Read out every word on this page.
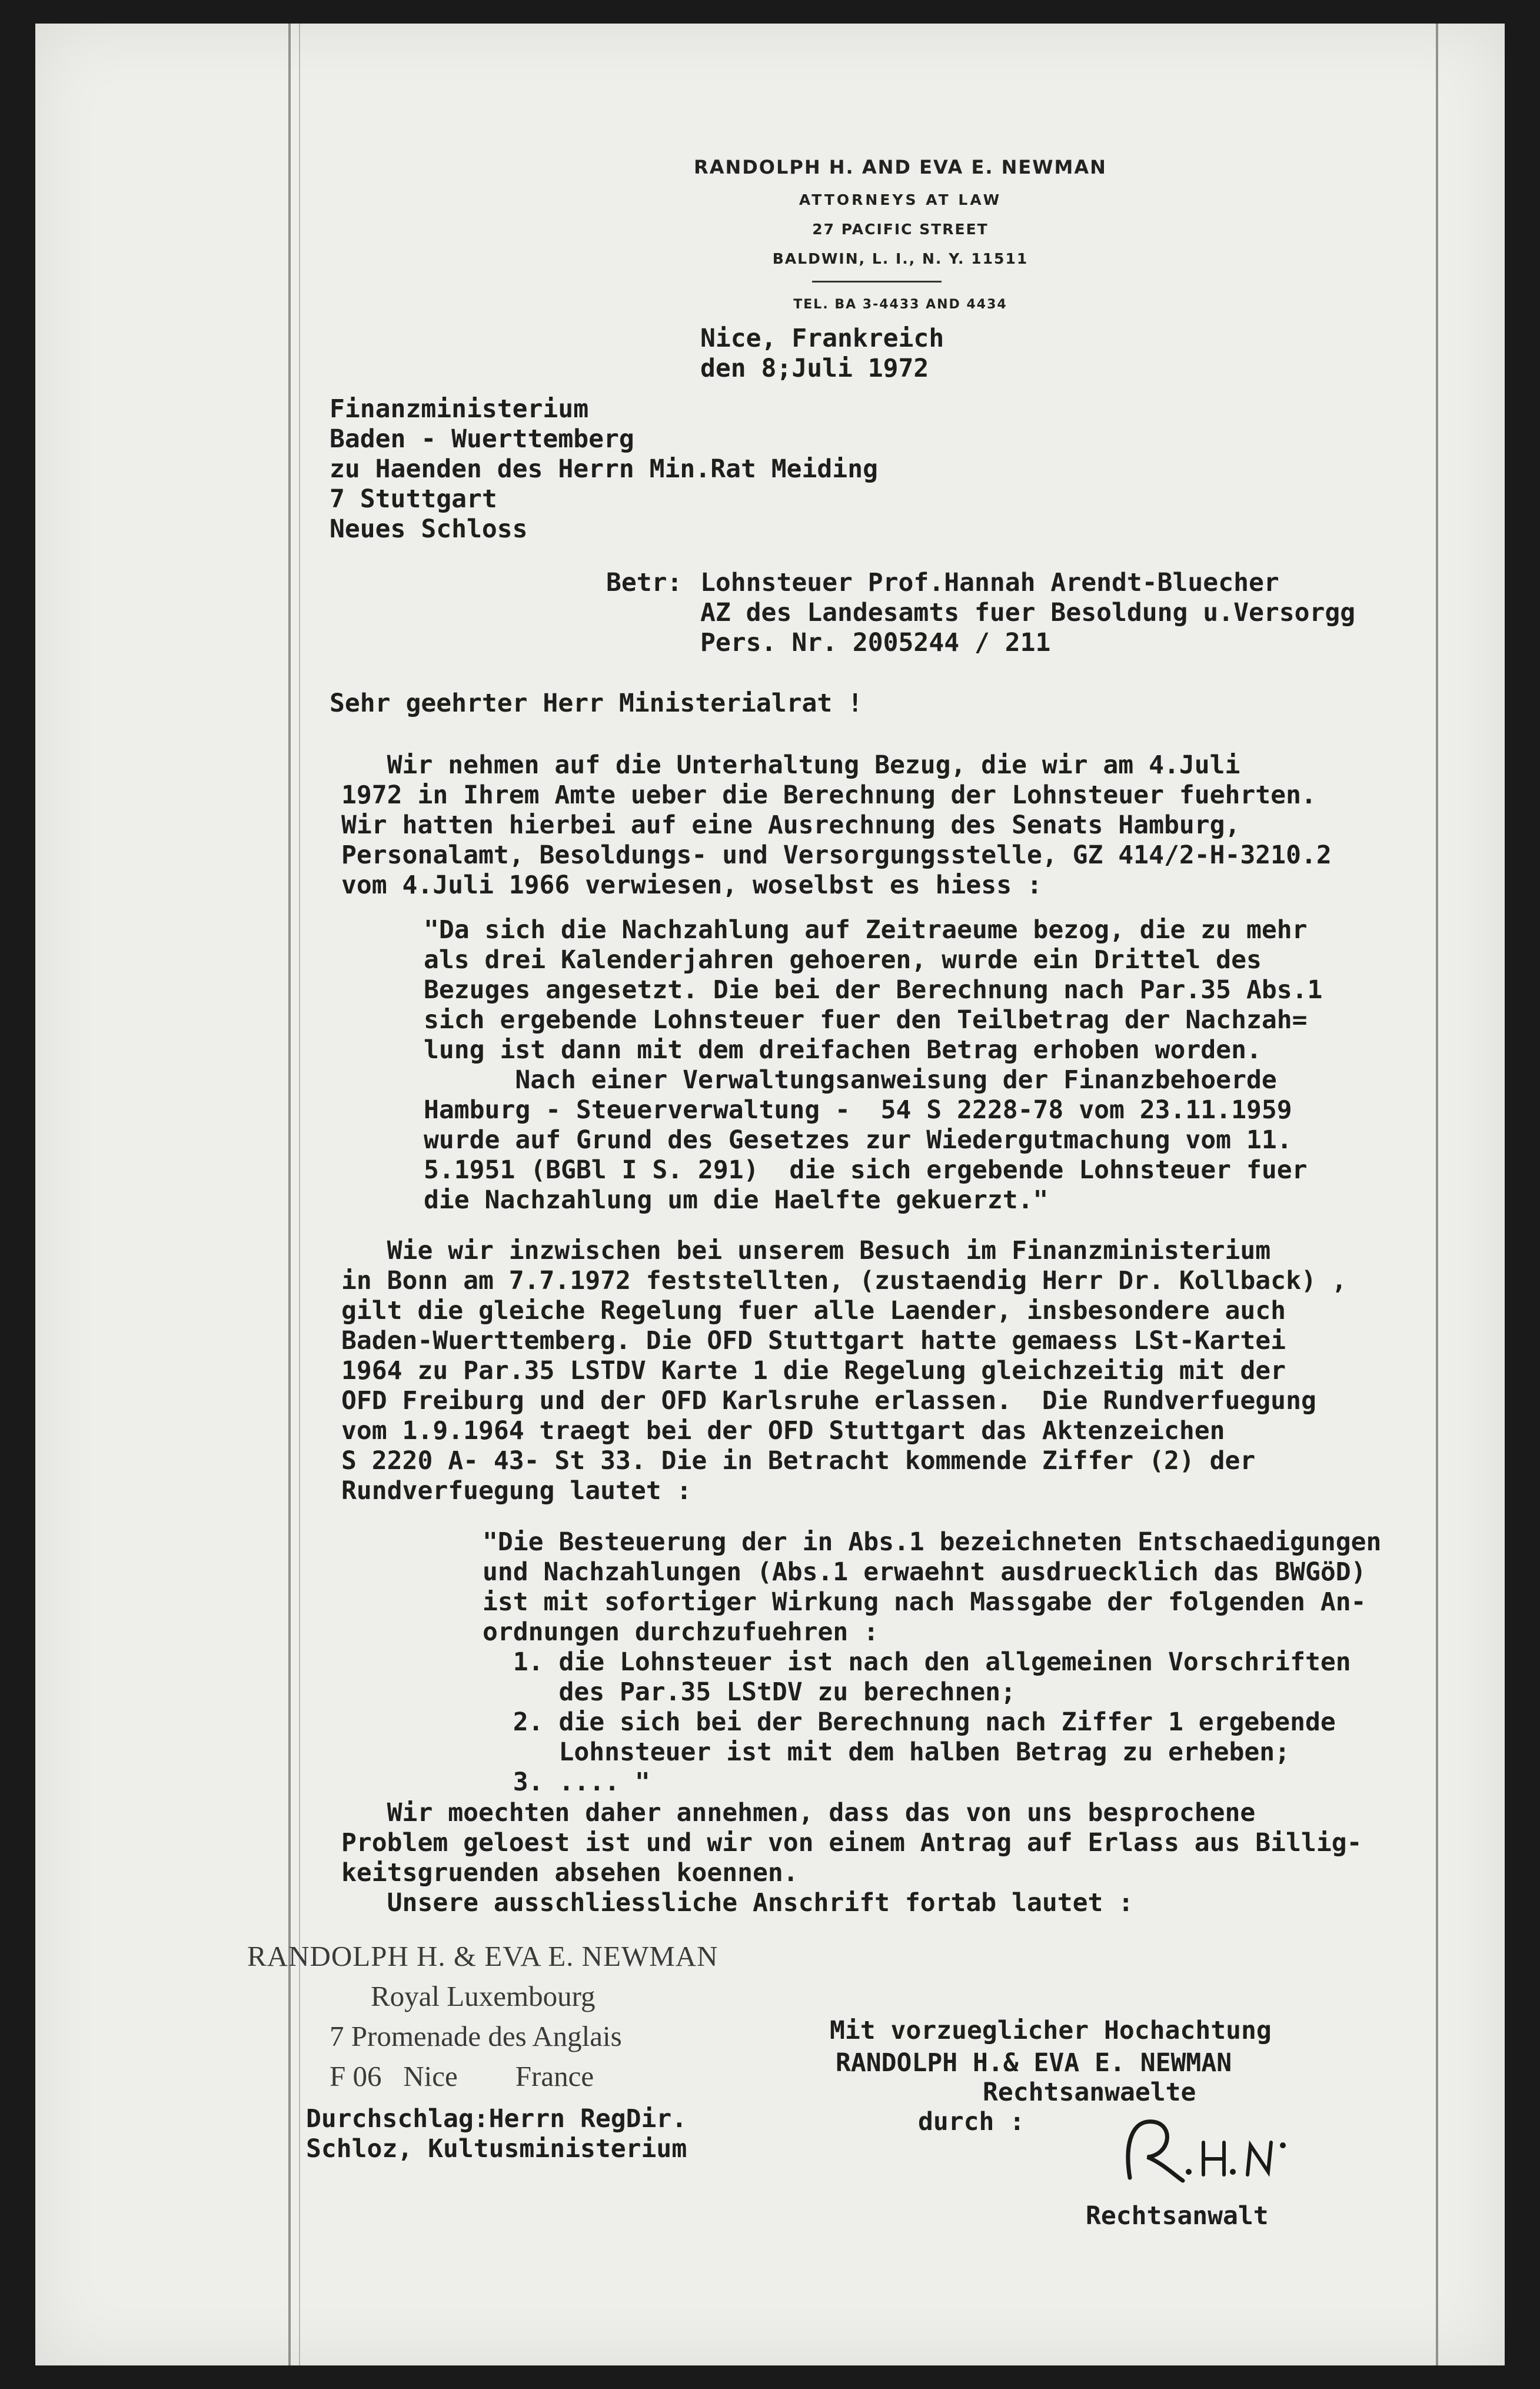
RANDOLPH H. AND EVA E. NEWMAN
ATTORNEYS AT LAW
27 PACIFIC STREET
BALDWIN, L. I., N. Y. 11511
TEL. BA 3-4433 AND 4434
Nice, Frankreich
den 8;Juli 1972
Finanzministerium
Baden - Wuerttemberg
zu Haenden des Herrn Min.Rat Meiding
7 Stuttgart
Neues Schloss
Betr: Lohnsteuer Prof.Hannah Arendt-Bluecher
AZ des Landesamts fuer Besoldung u.Versorgg
Pers. Nr. 2005244 / 211
Sehr geehrter Herr Ministerialrat !
Wir nehmen auf die Unterhaltung Bezug, die wir am 4.Juli
1972 in Ihrem Amte ueber die Berechnung der Lohnsteuer fuehrten.
Wir hatten hierbei auf eine Ausrechnung des Senats Hamburg,
Personalamt, Besoldungs- und Versorgungsstelle, GZ 414/2-H-3210.2
vom 4.Juli 1966 verwiesen, woselbst es hiess :
"Da sich die Nachzahlung auf Zeitraeume bezog, die zu mehr
als drei Kalenderjahren gehoeren, wurde ein Drittel des
Bezuges angesetzt. Die bei der Berechnung nach Par.35 Abs.1
sich ergebende Lohnsteuer fuer den Teilbetrag der Nachzah=
lung ist dann mit dem dreifachen Betrag erhoben worden.
Nach einer Verwaltungsanweisung der Finanzbehoerde
Hamburg - Steuerverwaltung -  54 S 2228-78 vom 23.11.1959
wurde auf Grund des Gesetzes zur Wiedergutmachung vom 11.
5.1951 (BGBl I S. 291)  die sich ergebende Lohnsteuer fuer
die Nachzahlung um die Haelfte gekuerzt."
Wie wir inzwischen bei unserem Besuch im Finanzministerium
in Bonn am 7.7.1972 feststellten, (zustaendig Herr Dr. Kollback) ,
gilt die gleiche Regelung fuer alle Laender, insbesondere auch
Baden-Wuerttemberg. Die OFD Stuttgart hatte gemaess LSt-Kartei
1964 zu Par.35 LSTDV Karte 1 die Regelung gleichzeitig mit der
OFD Freiburg und der OFD Karlsruhe erlassen.  Die Rundverfuegung
vom 1.9.1964 traegt bei der OFD Stuttgart das Aktenzeichen
S 2220 A- 43- St 33. Die in Betracht kommende Ziffer (2) der
Rundverfuegung lautet :
"Die Besteuerung der in Abs.1 bezeichneten Entschaedigungen
und Nachzahlungen (Abs.1 erwaehnt ausdruecklich das BWGöD)
ist mit sofortiger Wirkung nach Massgabe der folgenden An-
ordnungen durchzufuehren :
1. die Lohnsteuer ist nach den allgemeinen Vorschriften
des Par.35 LStDV zu berechnen;
2. die sich bei der Berechnung nach Ziffer 1 ergebende
Lohnsteuer ist mit dem halben Betrag zu erheben;
3. .... "
Wir moechten daher annehmen, dass das von uns besprochene
Problem geloest ist und wir von einem Antrag auf Erlass aus Billig-
keitsgruenden absehen koennen.
Unsere ausschliessliche Anschrift fortab lautet :
RANDOLPH H. & EVA E. NEWMAN
Royal Luxembourg
7 Promenade des Anglais
F 06   Nice        France
Durchschlag:Herrn RegDir.
Schloz, Kultusministerium
Mit vorzueglicher Hochachtung
RANDOLPH H.& EVA E. NEWMAN
Rechtsanwaelte
durch :
Rechtsanwalt
